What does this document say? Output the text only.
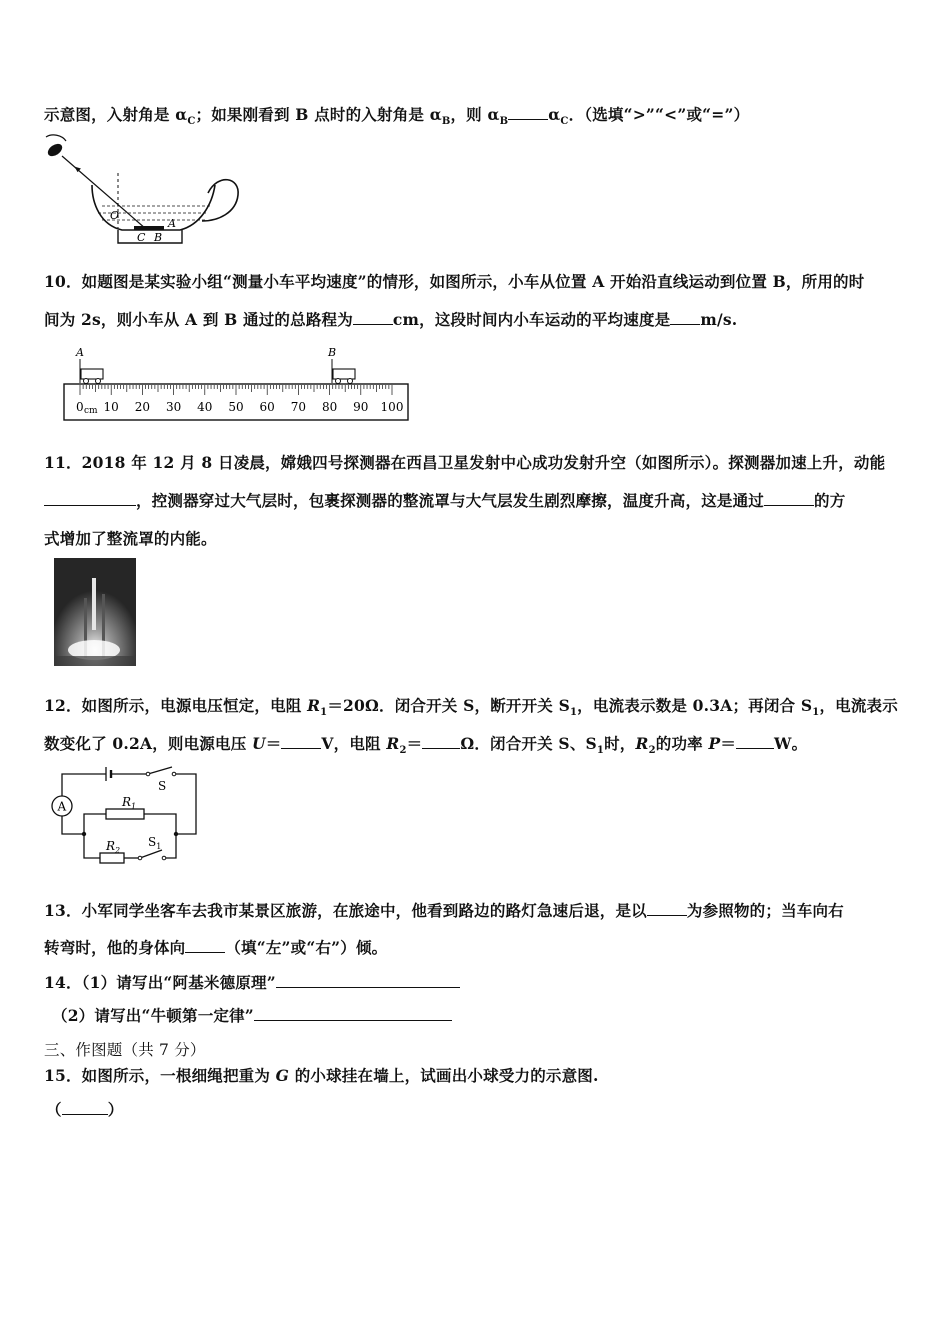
示意图，入射角是 $\alpha_C$；如果刚看到 B 点时的入射角是 $\alpha_B$，则 $\alpha_B$	$\alpha_C$．（选填“>”“<”或“=”）
O
A
C B
10．如题图是某实验小组“测量小车平均速度”的情形，如图所示，小车从位置 A 开始沿直线运动到位置 B，所用的时
间为 2s，则小车从 A 到 B 通过的总路程为	cm，这段时间内小车运动的平均速度是 m/s.
A	B
0 cm 10 20 30 40 50 60 70 80 90 100
11．2018 年 12 月 8 日凌晨，嫦娥四号探测器在西昌卫星发射中心成功发射升空（如图所示）。探测器加速上升，动能
，控测器穿过大气层时，包裹探测器的整流罩与大气层发生剧烈摩擦，温度升高，这是通过	的方
式增加了整流罩的内能。
12．如图所示，电源电压恒定，电阻 $R_1=20\Omega$．闭合开关 S，断开开关 $S_1$，电流表示数是 0.3A；再闭合 $S_1$，电流表示
数变化了 0.2A，则电源电压 U＝	V，电阻 $R_2= \Omega$．闭合开关 S、$S_1$时，$R_2$的功率 P＝ W。
A
S
$R_1$
$R_2$
$S_1$
13．小军同学坐客车去我市某景区旅游，在旅途中，他看到路边的路灯急速后退，是以	为参照物的；当车向右
转弯时，他的身体向	（填“左”或“右”）倾。
14．（1）请写出“阿基米德原理”
（2）请写出“牛顿第一定律”
三、作图题（共 7 分）
15．如图所示，一根细绳把重为 G 的小球挂在墙上，试画出小球受力的示意图.
（	）
